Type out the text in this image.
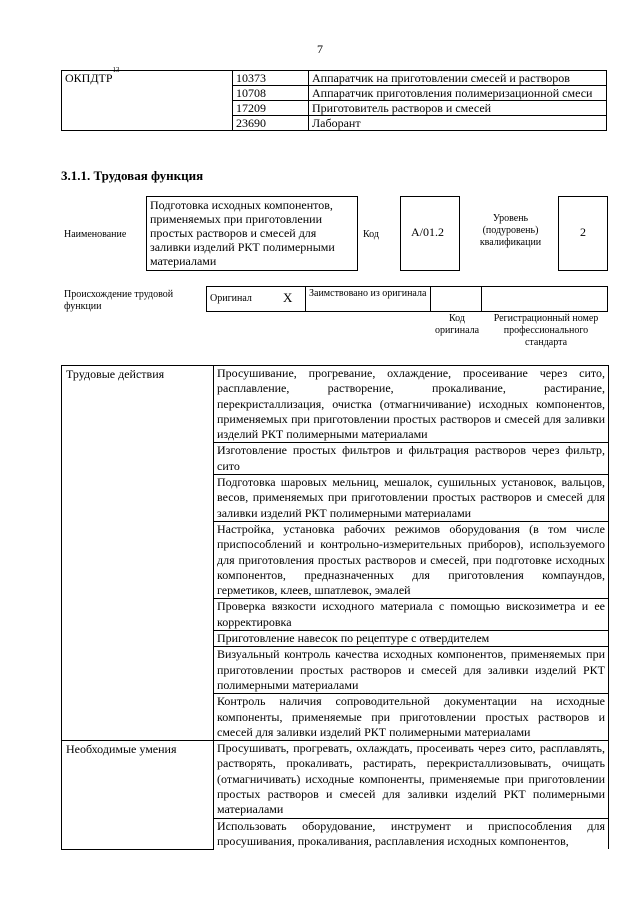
7
ОКПДТР$^{13}$	10373	Аппаратчик на приготовлении смесей и растворов
	10708	Аппаратчик приготовления полимеризационной смеси
	17209	Приготовитель растворов и смесей
	23690	Лаборант
3.1.1. Трудовая функция
Наименование
Подготовка исходных компонентов, применяемых при приготовлении простых растворов и смесей для заливки изделий РКТ полимерными материалами
Код	A/01.2
Уровень (подуровень) квалификации
2
Происхождение трудовой функции
Оригинал X	Заимствовано из оригинала
Код оригинала
Регистрационный номер профессионального стандарта
Трудовые действия	Просушивание, прогревание, охлаждение, просеивание через сито, расплавление, растворение, прокаливание, растирание, перекристаллизация, очистка (отмагничивание) исходных компонентов, применяемых при приготовлении простых растворов и смесей для заливки изделий РКТ полимерными материалами
	Изготовление простых фильтров и фильтрация растворов через фильтр, сито
	Подготовка шаровых мельниц, мешалок, сушильных установок, вальцов, весов, применяемых при приготовлении простых растворов и смесей для заливки изделий РКТ полимерными материалами
	Настройка, установка рабочих режимов оборудования (в том числе приспособлений и контрольно-измерительных приборов), используемого для приготовления простых растворов и смесей, при подготовке исходных компонентов, предназначенных для приготовления компаундов, герметиков, клеев, шпатлевок, эмалей
	Проверка вязкости исходного материала с помощью вискозиметра и ее корректировка
	Приготовление навесок по рецептуре с отвердителем
	Визуальный контроль качества исходных компонентов, применяемых при приготовлении простых растворов и смесей для заливки изделий РКТ полимерными материалами
	Контроль наличия сопроводительной документации на исходные компоненты, применяемые при приготовлении простых растворов и смесей для заливки изделий РКТ полимерными материалами
Необходимые умения	Просушивать, прогревать, охлаждать, просеивать через сито, расплавлять, растворять, прокаливать, растирать, перекристаллизовывать, очищать (отмагничивать) исходные компоненты, применяемые при приготовлении простых растворов и смесей для заливки изделий РКТ полимерными материалами
	Использовать оборудование, инструмент и приспособления для просушивания, прокаливания, расплавления исходных компонентов,
